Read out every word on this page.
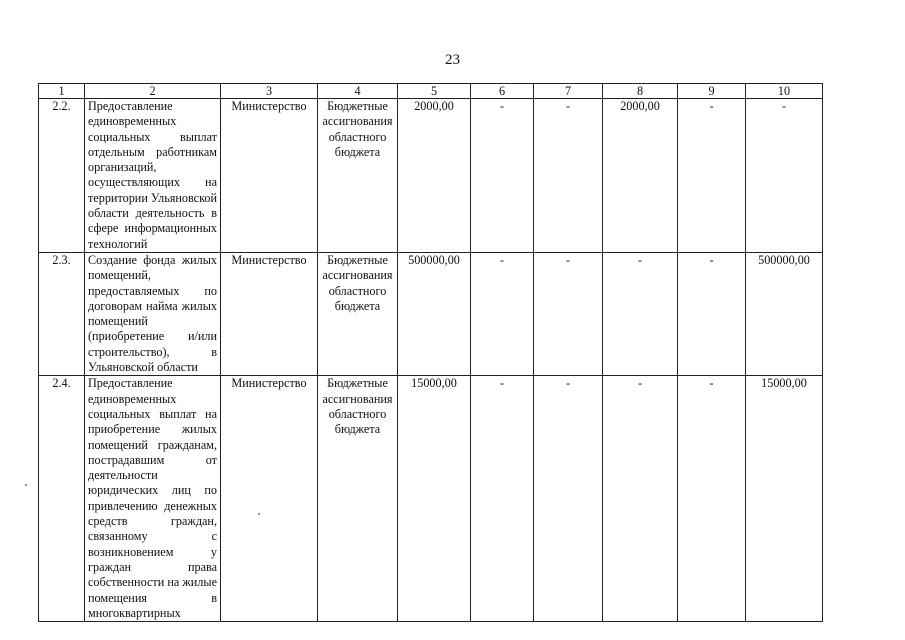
23
1	2	3	4	5	6	7	8	9	10
2.2.	Предоставление единовременных социальных выплат отдельным работникам организаций, осуществляющих на территории Ульяновской области деятельность в сфере информационных технологий	Министерство	Бюджетные ассигнования областного бюджета	2000,00	-	-	2000,00	-	-
2.3.	Создание фонда жилых помещений, предоставляемых по договорам найма жилых помещений (приобретение и/или строительство), в Ульяновской области	Министерство	Бюджетные ассигнования областного бюджета	500000,00	-	-	-	-	500000,00
2.4.	Предоставление единовременных социальных выплат на приобретение жилых помещений гражданам, пострадавшим от деятельности юридических лиц по привлечению денежных средств граждан, связанному с возникновением у граждан права собственности на жилые помещения в многоквартирных	Министерство	Бюджетные ассигнования областного бюджета	15000,00	-	-	-	-	15000,00
